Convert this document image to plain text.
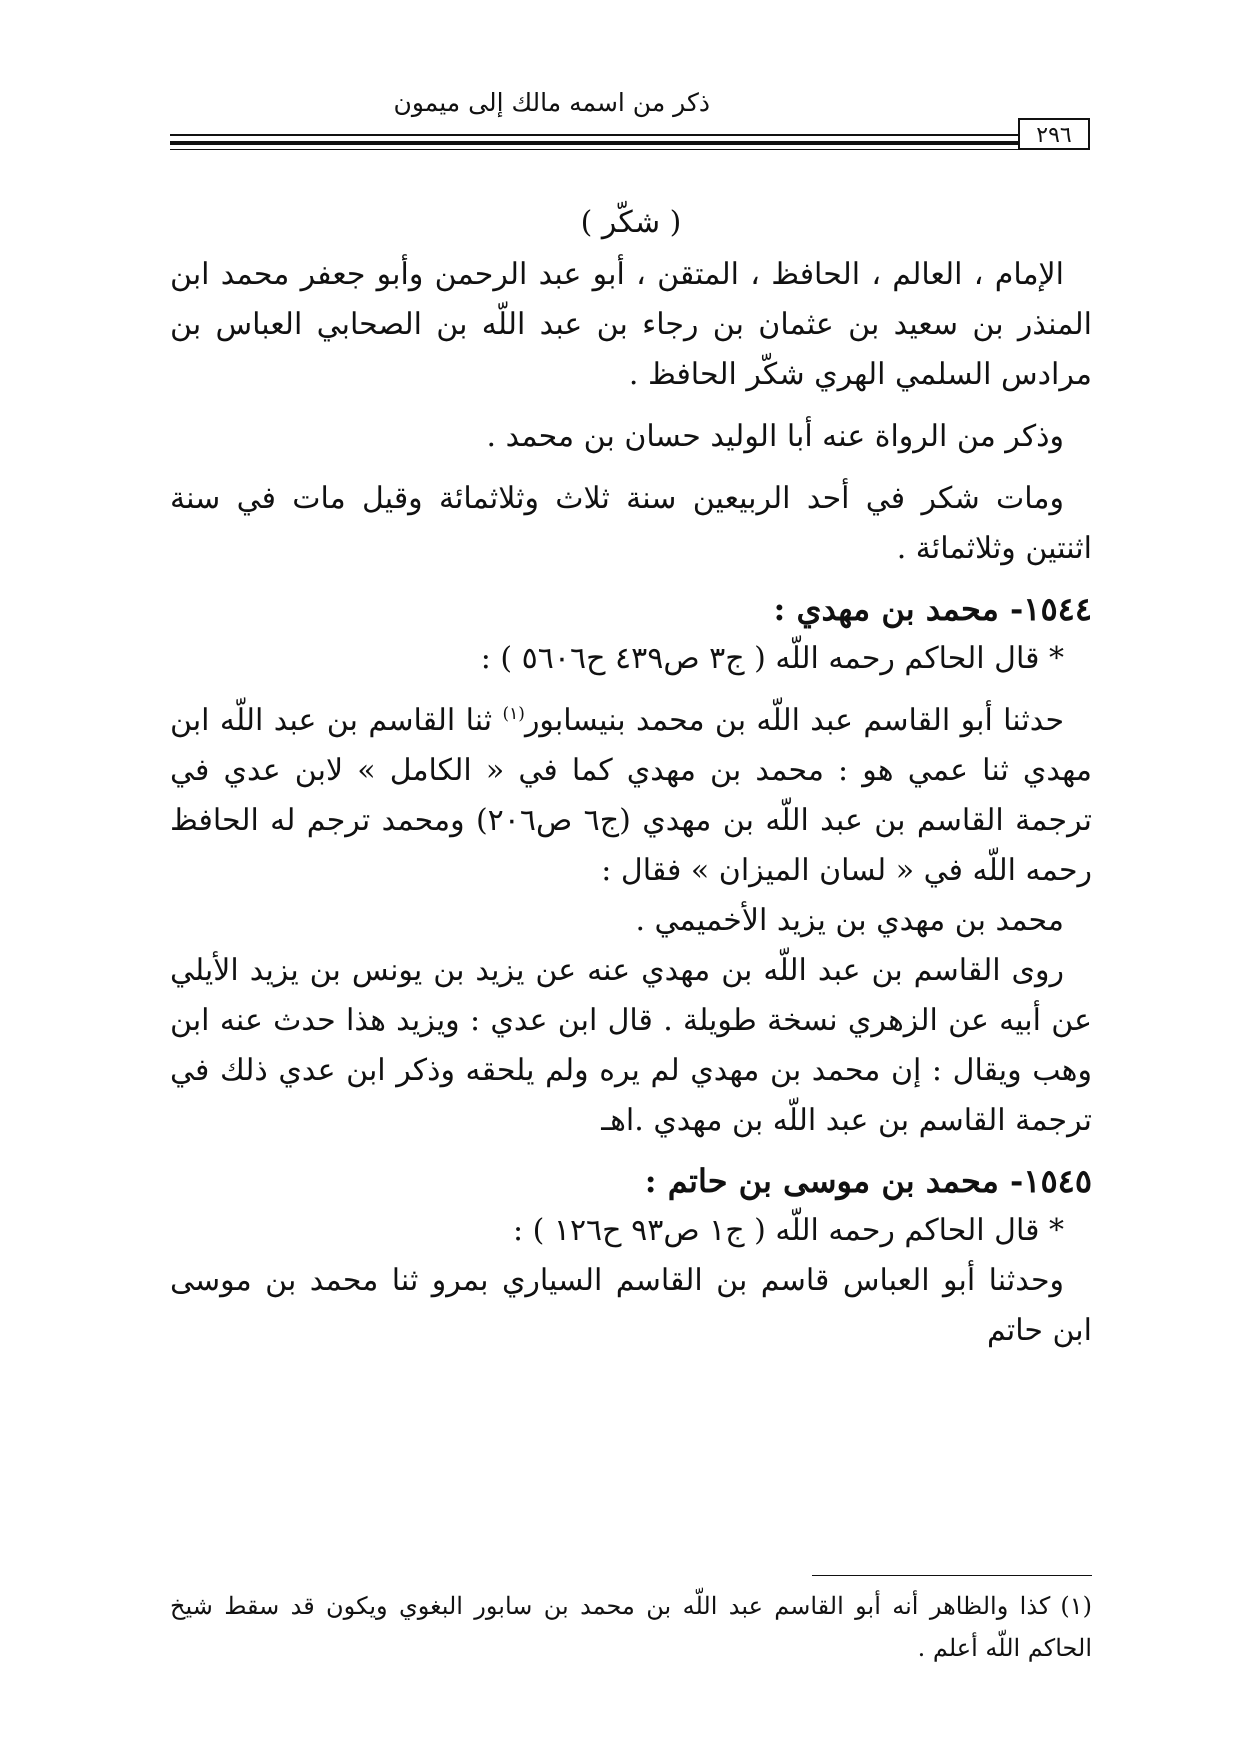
ذكر من اسمه مالك إلى ميمون
٢٩٦

( شكّر )

الإمام ، العالم ، الحافظ ، المتقن ، أبو عبد الرحمن وأبو جعفر محمد ابن المنذر بن سعيد بن عثمان بن رجاء بن عبد اللّه بن الصحابي العباس بن مرادس السلمي الهري شكّر الحافظ .

وذكر من الرواة عنه أبا الوليد حسان بن محمد .

ومات شكر في أحد الربيعين سنة ثلاث وثلاثمائة وقيل مات في سنة اثنتين وثلاثمائة .

١٥٤٤- محمد بن مهدي :

* قال الحاكم رحمه اللّه ( ج٣ ص٤٣٩ ح٥٦٠٦ ) :

حدثنا أبو القاسم عبد اللّه بن محمد بنيسابور$^{(١)}$ ثنا القاسم بن عبد اللّه ابن مهدي ثنا عمي هو : محمد بن مهدي كما في « الكامل » لابن عدي في ترجمة القاسم بن عبد اللّه بن مهدي (ج٦ ص٢٠٦) ومحمد ترجم له الحافظ رحمه اللّه في « لسان الميزان » فقال :

محمد بن مهدي بن يزيد الأخميمي .

روى القاسم بن عبد اللّه بن مهدي عنه عن يزيد بن يونس بن يزيد الأيلي عن أبيه عن الزهري نسخة طويلة . قال ابن عدي : ويزيد هذا حدث عنه ابن وهب ويقال : إن محمد بن مهدي لم يره ولم يلحقه وذكر ابن عدي ذلك في ترجمة القاسم بن عبد اللّه بن مهدي .اهـ

١٥٤٥- محمد بن موسى بن حاتم :

* قال الحاكم رحمه اللّه ( ج١ ص٩٣ ح١٢٦ ) :

وحدثنا أبو العباس قاسم بن القاسم السياري بمرو ثنا محمد بن موسى ابن حاتم

(١)كذا والظاهر أنه أبو القاسم عبد اللّه بن محمد بن سابور البغوي ويكون قد سقط شيخ الحاكم اللّه أعلم .
